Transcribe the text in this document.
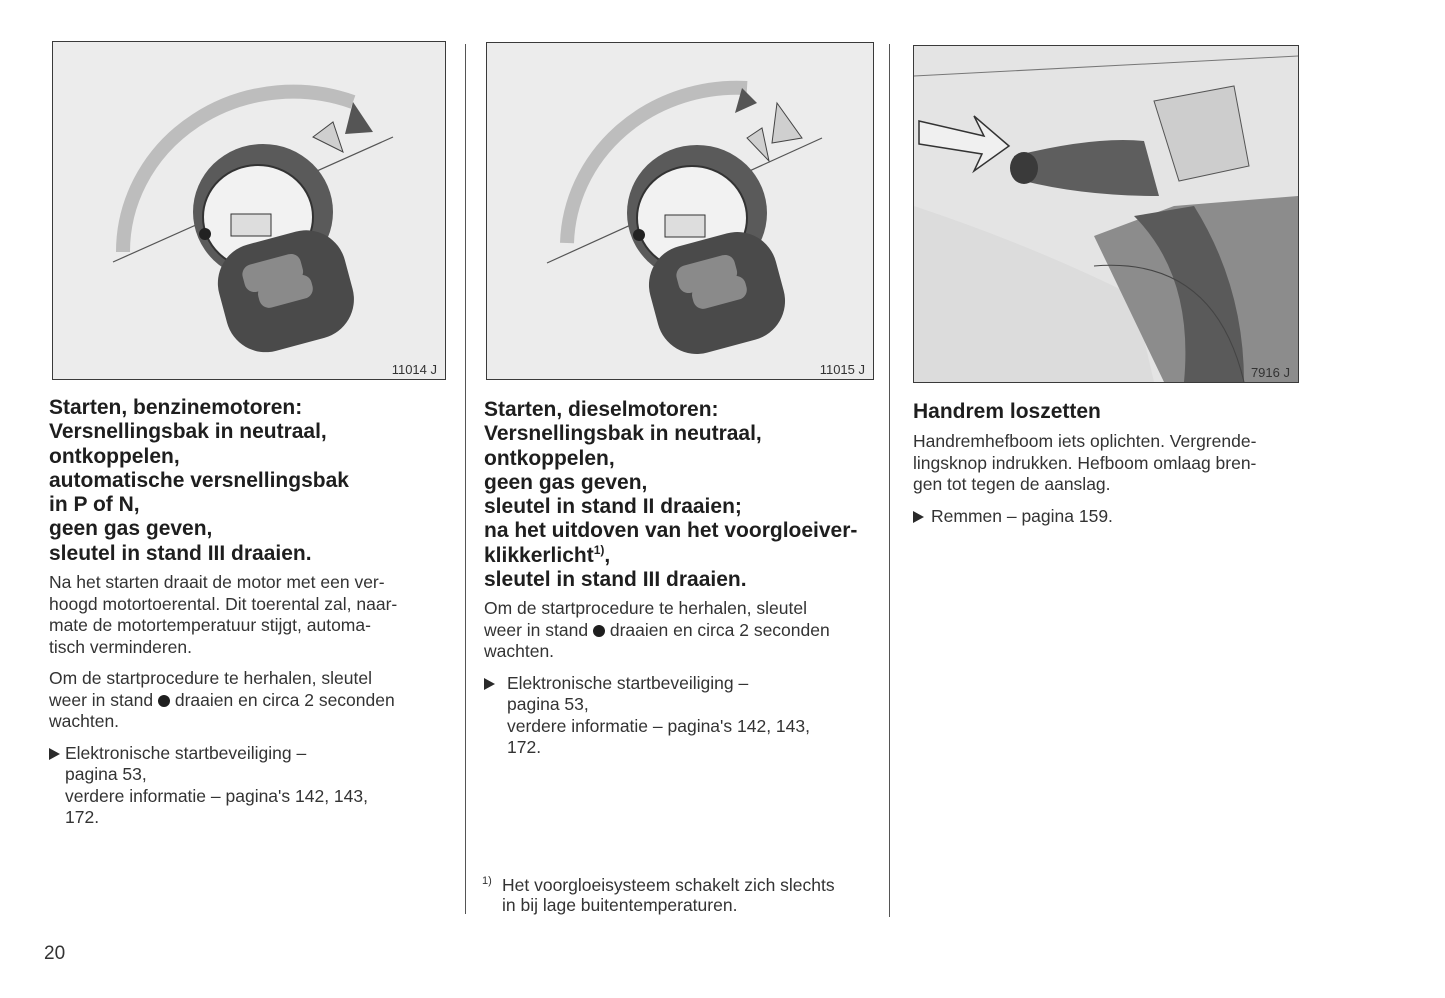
11014 J	11015 J	7916 J
Starten, benzinemotoren:
Versnellingsbak in neutraal,
ontkoppelen,
automatische versnellingsbak
in P of N,
geen gas geven,
sleutel in stand III draaien.
Na het starten draait de motor met een ver-
hoogd motortoerental. Dit toerental zal, naar-
mate de motortemperatuur stijgt, automa-
tisch verminderen.
Om de startprocedure te herhalen, sleutel
weer in stand draaien en circa 2 seconden
wachten.
Elektronische startbeveiliging –
pagina 53,
verdere informatie – pagina's 142, 143,
172.
Starten, dieselmotoren:
Versnellingsbak in neutraal,
ontkoppelen,
geen gas geven,
sleutel in stand II draaien;
na het uitdoven van het voorgloeiver-
klikkerlicht$^{1)}$,
sleutel in stand III draaien.
Om de startprocedure te herhalen, sleutel
weer in stand draaien en circa 2 seconden
wachten.
Elektronische startbeveiliging –
pagina 53,
verdere informatie – pagina's 142, 143,
172.
1) Het voorgloeisysteem schakelt zich slechts
in bij lage buitentemperaturen.
Handrem loszetten
Handremhefboom iets oplichten. Vergrende-
lingsknop indrukken. Hefboom omlaag bren-
gen tot tegen de aanslag.
Remmen – pagina 159.
20
